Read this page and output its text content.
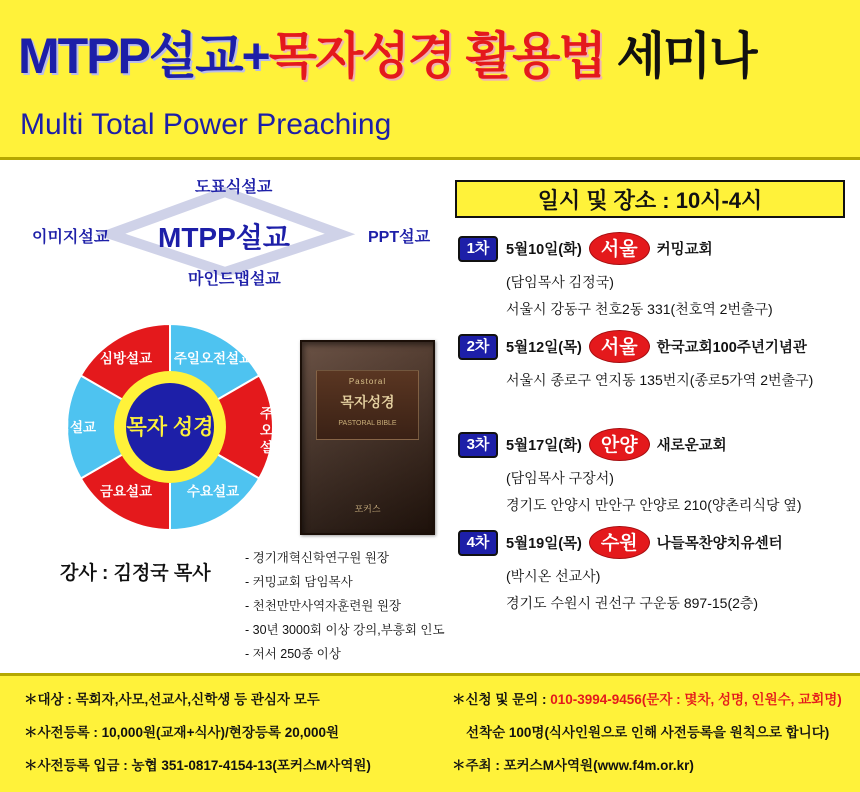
MTPP설교+목자성경 활용법 세미나
Multi Total Power Preaching
도표식설교
이미지설교	PPT설교
마인드맵설교
MTPP설교
목자 성경
주일오전설교
주일
오후
설교
수요설교
금요설교
새벽설교
심방설교
강사 : 김정국 목사
Pastoral
목자성경
PASTORAL BIBLE
포커스
- 경기개혁신학연구원 원장
- 커밍교회 담임목사
- 천천만만사역자훈련원 원장
- 30년 3000회 이상 강의,부흥회 인도
- 저서 250종 이상
일시 및 장소 : 10시-4시
1차	5월10일(화)	서울	커밍교회
(담임목사 김정국)
서울시 강동구 천호2동 331(천호역 2번출구)
2차	5월12일(목)	서울	한국교회100주년기념관
서울시 종로구 연지동 135번지(종로5가역 2번출구)
3차	5월17일(화)	안양	새로운교회
(담임목사 구장서)
경기도 안양시 만안구 안양로 210(양촌리식당 옆)
4차	5월19일(목)	수원	나들목찬양치유센터
(박시온 선교사)
경기도 수원시 권선구 구운동 897-15(2층)
＊대상 : 목회자,사모,선교사,신학생 등 관심자 모두
＊사전등록 : 10,000원(교재+식사)/현장등록 20,000원
＊사전등록 입금 : 농협 351-0817-4154-13(포커스M사역원)
＊신청 및 문의 : 010-3994-9456(문자 : 몇차, 성명, 인원수, 교회명)
선착순 100명(식사인원으로 인해 사전등록을 원칙으로 합니다)
＊주최 : 포커스M사역원(www.f4m.or.kr)
